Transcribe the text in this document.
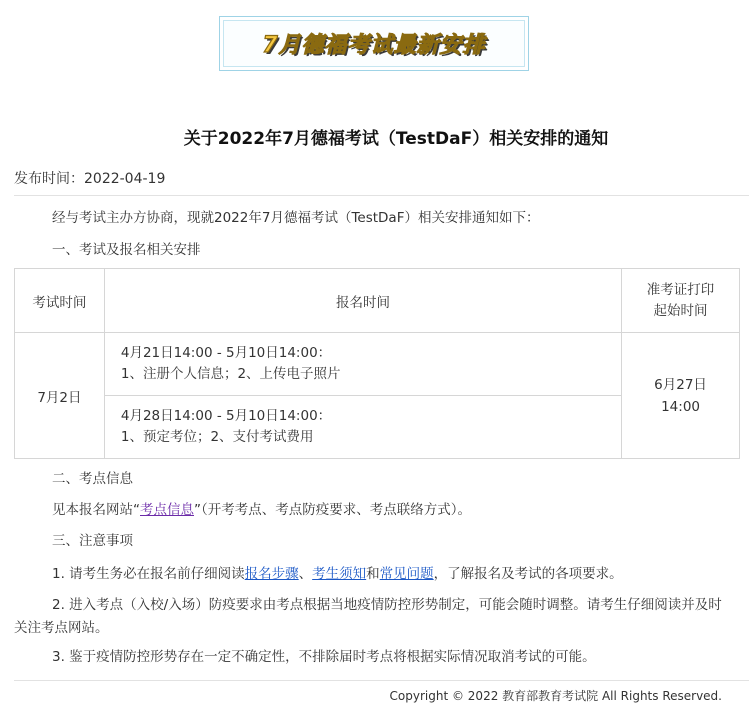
7月德福考试最新安排
关于2022年7月德福考试（TestDaF）相关安排的通知
发布时间：2022-04-19

经与考试主办方协商，现就2022年7月德福考试（TestDaF）相关安排通知如下：

一、考试及报名相关安排

考试时间	报名时间	准考证打印
起始时间
7月2日	4月21日14:00 - 5月10日14:00：
1、注册个人信息；2、上传电子照片	6月27日
14:00
	4月28日14:00 - 5月10日14:00：
1、预定考位；2、支付考试费用	

二、考点信息

见本报名网站“考点信息”（开考考点、考点防疫要求、考点联络方式）。

三、注意事项

1. 请考生务必在报名前仔细阅读报名步骤、考生须知和常见问题，了解报名及考试的各项要求。

2. 进入考点（入校/入场）防疫要求由考点根据当地疫情防控形势制定，可能会随时调整。请考生仔细阅读并及时关注考点网站。

3. 鉴于疫情防控形势存在一定不确定性，不排除届时考点将根据实际情况取消考试的可能。

Copyright © 2022 教育部教育考试院 All Rights Reserved.
